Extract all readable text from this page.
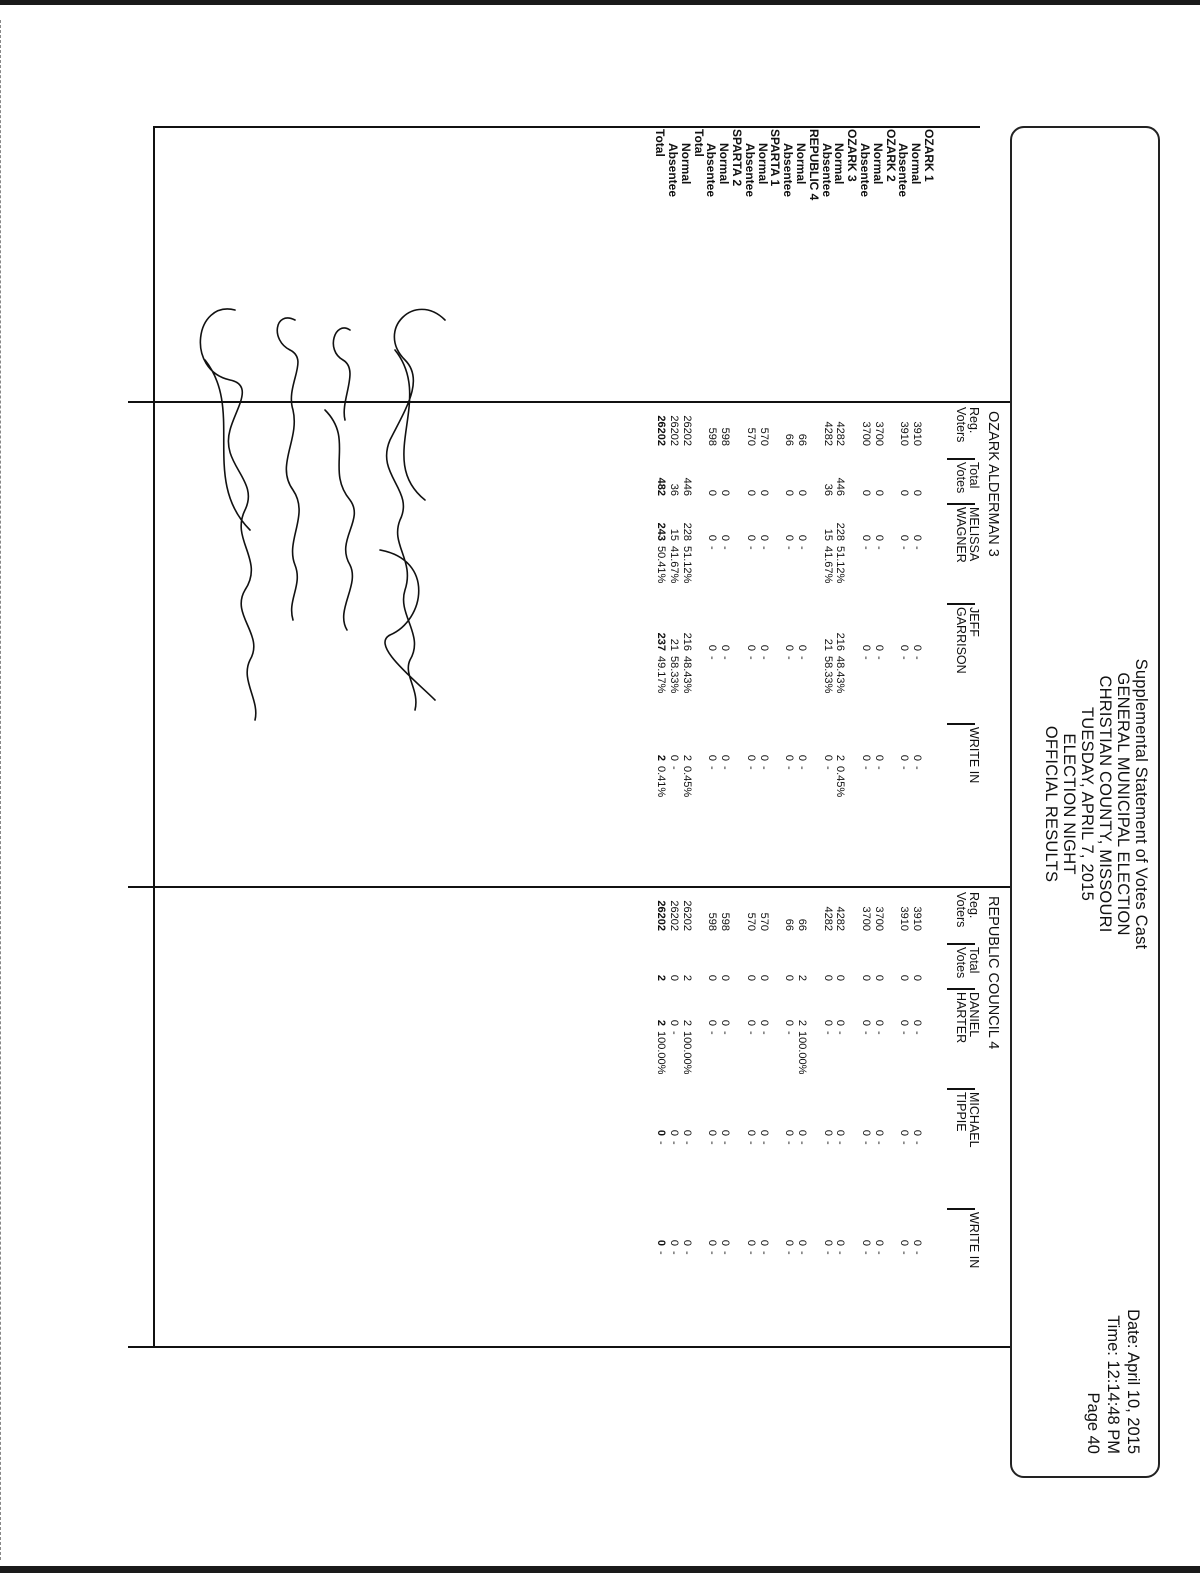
Supplemental Statement of Votes Cast
GENERAL MUNICIPAL ELECTION
CHRISTIAN COUNTY, MISSOURI
TUESDAY, APRIL 7, 2015
ELECTION NIGHT
OFFICIAL RESULTS
Date: April 10, 2015
Time: 12:14:48 PM
Page 40
OZARK 1
Normal
Absentee
OZARK 2
Normal
Absentee
OZARK 3
Normal
Absentee
REPUBLIC 4
Normal
Absentee
SPARTA 1
Normal
Absentee
SPARTA 2
Normal
Absentee
Total
Normal
Absentee
Total
OZARK ALDERMAN 3
Reg.
Voters
Total
Votes
MELISSA
WAGNER
JEFF
GARRISON
WRITE IN
3910
0
0
-
0
-
0
-
3910
0
0
-
0
-
0
-
3700
0
0
-
0
-
0
-
3700
0
0
-
0
-
0
-
4282
446
228
51.12%
216
48.43%
2
0.45%
4282
36
15
41.67%
21
58.33%
0
-
66
0
0
-
0
-
0
-
66
0
0
-
0
-
0
-
570
0
0
-
0
-
0
-
570
0
0
-
0
-
0
-
598
0
0
-
0
-
0
-
598
0
0
-
0
-
0
-
26202
446
228
51.12%
216
48.43%
2
0.45%
26202
36
15
41.67%
21
58.33%
0
-
26202
482
243
50.41%
237
49.17%
2
0.41%
REPUBLIC COUNCIL 4
Reg.
Voters
Total
Votes
DANIEL
HARTER
MICHAEL
TIPPIE
WRITE IN
3910
0
0
-
0
-
0
-
3910
0
0
-
0
-
0
-
3700
0
0
-
0
-
0
-
3700
0
0
-
0
-
0
-
4282
0
0
-
0
-
0
-
4282
0
0
-
0
-
0
-
66
2
2
100.00%
0
-
0
-
66
0
0
-
0
-
0
-
570
0
0
-
0
-
0
-
570
0
0
-
0
-
0
-
598
0
0
-
0
-
0
-
598
0
0
-
0
-
0
-
26202
2
2
100.00%
0
-
0
-
26202
0
0
-
0
-
0
-
26202
2
2
100.00%
0
-
0
-
